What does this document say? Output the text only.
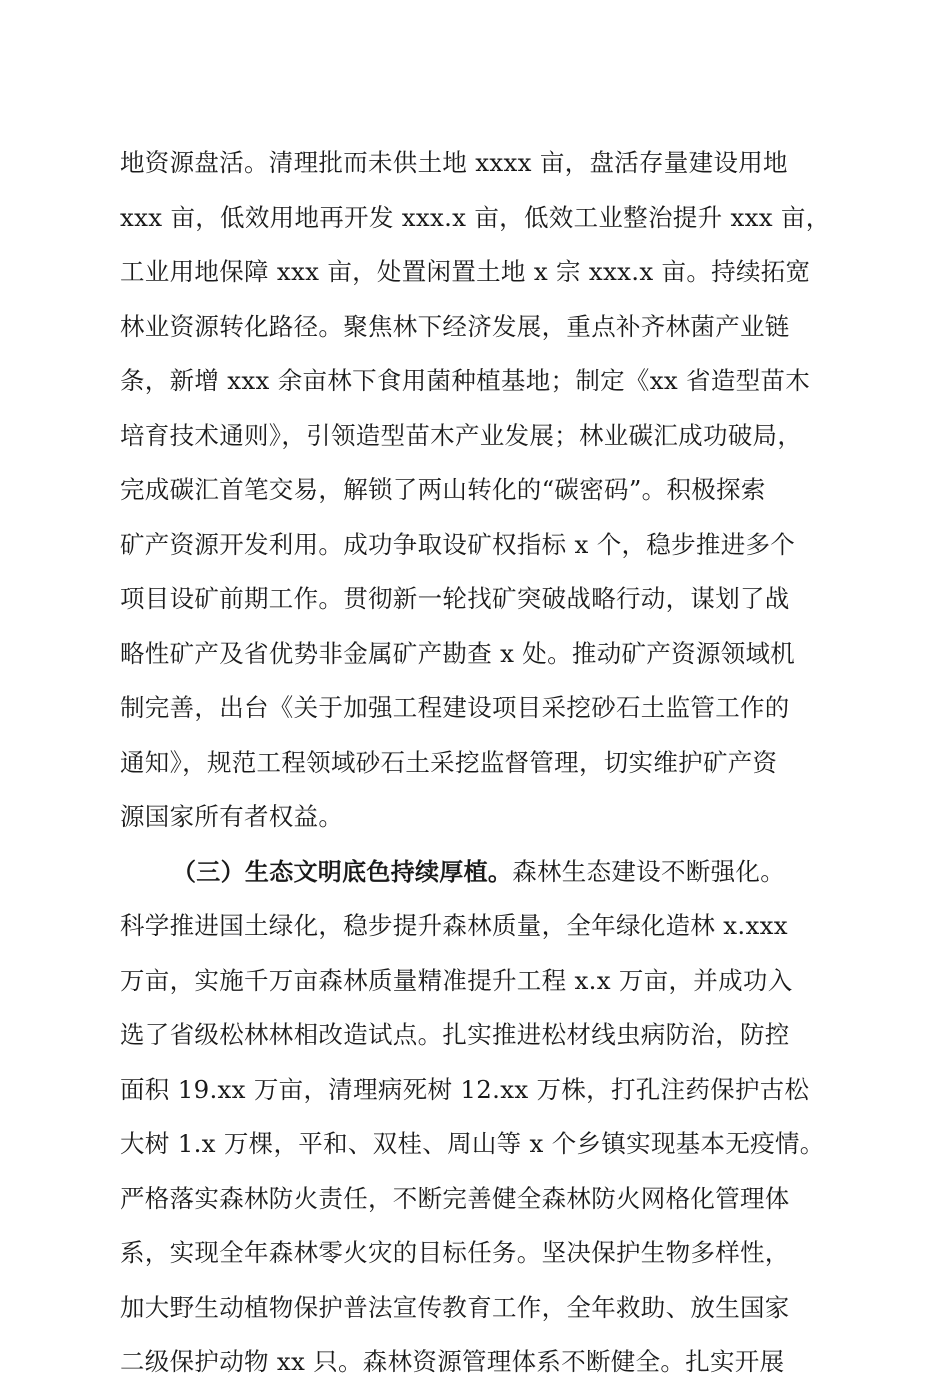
地资源盘活。清理批而未供土地 xxxx 亩，盘活存量建设用地
xxx 亩，低效用地再开发 xxx.x 亩，低效工业整治提升 xxx 亩，
工业用地保障 xxx 亩，处置闲置土地 x 宗 xxx.x 亩。持续拓宽
林业资源转化路径。聚焦林下经济发展，重点补齐林菌产业链
条，新增 xxx 余亩林下食用菌种植基地；制定《xx 省造型苗木
培育技术通则》，引领造型苗木产业发展；林业碳汇成功破局，
完成碳汇首笔交易，解锁了两山转化的“碳密码”。积极探索
矿产资源开发利用。成功争取设矿权指标 x 个，稳步推进多个
项目设矿前期工作。贯彻新一轮找矿突破战略行动，谋划了战
略性矿产及省优势非金属矿产勘查 x 处。推动矿产资源领域机
制完善，出台《关于加强工程建设项目采挖砂石土监管工作的
通知》，规范工程领域砂石土采挖监督管理，切实维护矿产资
源国家所有者权益。
（三）生态文明底色持续厚植。森林生态建设不断强化。
科学推进国土绿化，稳步提升森林质量，全年绿化造林 x.xxx
万亩，实施千万亩森林质量精准提升工程 x.x 万亩，并成功入
选了省级松林林相改造试点。扎实推进松材线虫病防治，防控
面积 19.xx 万亩，清理病死树 12.xx 万株，打孔注药保护古松
大树 1.x 万棵，平和、双桂、周山等 x 个乡镇实现基本无疫情。
严格落实森林防火责任，不断完善健全森林防火网格化管理体
系，实现全年森林零火灾的目标任务。坚决保护生物多样性，
加大野生动植物保护普法宣传教育工作，全年救助、放生国家
二级保护动物 xx 只。森林资源管理体系不断健全。扎实开展
